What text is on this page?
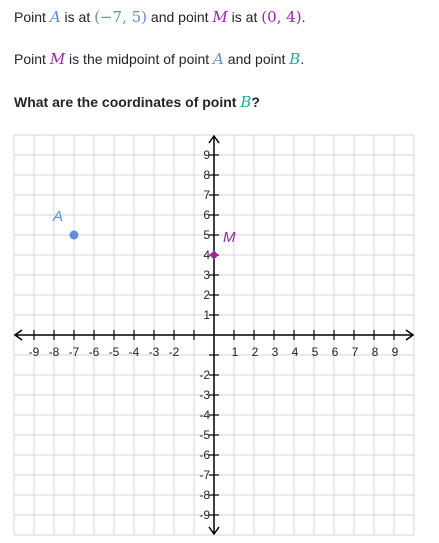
Point A is at (−7, 5) and point M is at (0, 4).

Point M is the midpoint of point A and point B.

What are the coordinates of point B?

-9 -8 -7 -6 -5 -4 -3 -2	1 2 3 4 5 6 7 8 9
9
8
7
6
5
4
3
2
1
-2
-3
-4
-5
-6
-7
-8
-9
A
M
